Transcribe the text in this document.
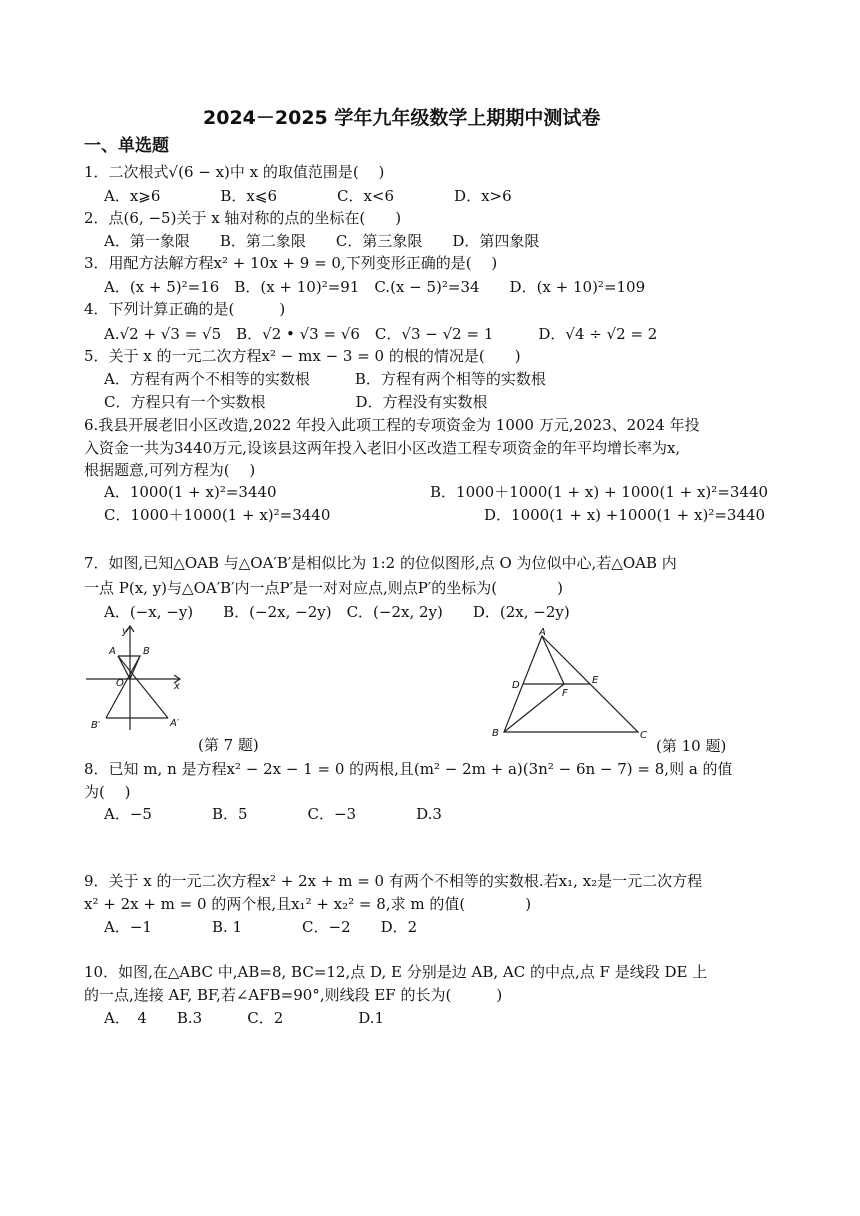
2024－2025 学年九年级数学上期期中测试卷
一、单选题
1．二次根式√(6 − x)中 x 的取值范围是(　 )
A．x⩾6　　　　B．x⩽6　　　　C．x<6　　　　D．x>6
2．点(6, −5)关于 x 轴对称的点的坐标在(　　)
A．第一象限　　B．第二象限　　C．第三象限　　D．第四象限
3．用配方法解方程x² + 10x + 9 = 0,下列变形正确的是(　 )
A．(x + 5)²=16　B．(x + 10)²=91　C.(x − 5)²=34　　D．(x + 10)²=109
4．下列计算正确的是(　　　)
A.√2 + √3 = √5　B．√2 • √3 = √6　C．√3 − √2 = 1　　　D．√4 ÷ √2 = 2
5．关于 x 的一元二次方程x² − mx − 3 = 0 的根的情况是(　　)
A．方程有两个不相等的实数根　　　B．方程有两个相等的实数根
C．方程只有一个实数根　　　　　　D．方程没有实数根
6.我县开展老旧小区改造,2022 年投入此项工程的专项资金为 1000 万元,2023、2024 年投
入资金一共为3440万元,设该县这两年投入老旧小区改造工程专项资金的年平均增长率为x,
根据题意,可列方程为(　 )
A．1000(1 + x)²=3440	B．1000＋1000(1 + x) + 1000(1 + x)²=3440
C．1000＋1000(1 + x)²=3440	D．1000(1 + x) +1000(1 + x)²=3440
7．如图,已知△OAB 与△OA′B′是相似比为 1:2 的位似图形,点 O 为位似中心,若△OAB 内
一点 P(x, y)与△OA′B′内一点P′是一对对应点,则点P′的坐标为(　　　　)
A．(−x, −y)　　B．(−2x, −2y)　C．(−2x, 2y)　　D．(2x, −2y)
y
x
A	B
O
B′	A′
(第 7 题)
A
B	C
D	E
F
(第 10 题)
8．已知 m, n 是方程x² − 2x − 1 = 0 的两根,且(m² − 2m + a)(3n² − 6n − 7) = 8,则 a 的值
为(　 )
A．−5　　　　B．5　　　　C．−3　　　　D.3
9．关于 x 的一元二次方程x² + 2x + m = 0 有两个不相等的实数根.若x₁, x₂是一元二次方程
x² + 2x + m = 0 的两个根,且x₁² + x₂² = 8,求 m 的值(　　　　)
A．−1　　　　B. 1　　　　C．−2　　D．2
10．如图,在△ABC 中,AB=8, BC=12,点 D, E 分别是边 AB, AC 的中点,点 F 是线段 DE 上
的一点,连接 AF, BF,若∠AFB=90°,则线段 EF 的长为(　　　)
A．　4　　B.3　　　C．2　　　　　D.1
